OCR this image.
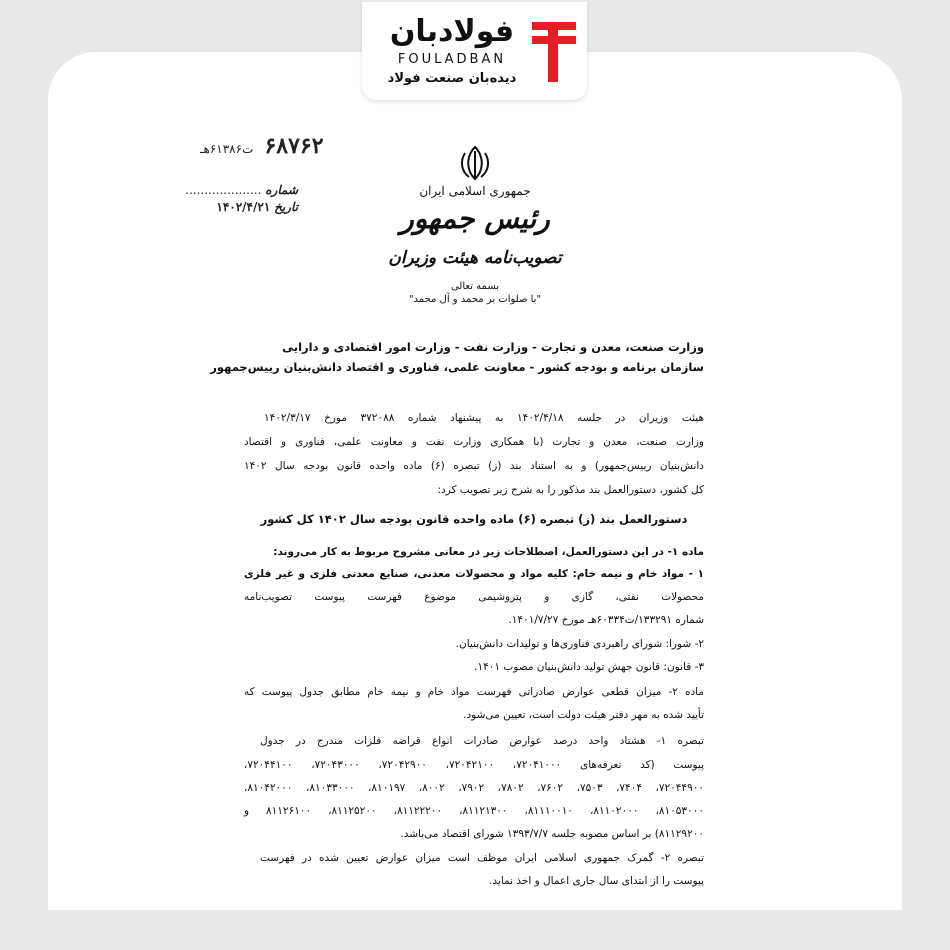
فولادبان
FOULADBAN
دیده‌بان صنعت فولاد
۶۸۷۶۲ ت۶۱۳۸۶هـ
شماره ....................
تاریخ ۱۴۰۲/۴/۲۱
جمهوری اسلامی ایران
رئیس جمهور
تصویب‌نامه هیئت وزیران
بسمه تعالی
"با صلوات بر محمد و آل محمد"
وزارت صنعت، معدن و تجارت - وزارت نفت - وزارت امور اقتصادی و دارایی
سازمان برنامه و بودجه کشور - معاونت علمی، فناوری و اقتصاد دانش‌بنیان رییس‌جمهور
هیئت وزیران در جلسه ۱۴۰۲/۴/۱۸ به پیشنهاد شماره ۳۷۲۰۸۸ مورخ ۱۴۰۲/۳/۱۷
وزارت صنعت، معدن و تجارت (با همکاری وزارت نفت و معاونت علمی، فناوری و اقتصاد
دانش‌بنیان رییس‌جمهور) و به استناد بند (ز) تبصره (۶) ماده واحده قانون بودجه سال ۱۴۰۲
کل کشور، دستورالعمل بند مذکور را به شرح زیر تصویب کرد:
دستورالعمل بند (ز) تبصره (۶) ماده واحده قانون بودجه سال ۱۴۰۲ کل کشور
ماده ۱- در این دستورالعمل، اصطلاحات زیر در معانی مشروح مربوط به کار می‌روند:
۱ - مواد خام و نیمه خام: کلیه مواد و محصولات معدنی، صنایع معدنی فلزی و غیر فلزی
محصولات نفتی، گازی و پتروشیمی موضوع فهرست پیوست تصویب‌نامه
شماره ۱۳۳۲۹۱/ت۶۰۳۳۴هـ مورخ ۱۴۰۱/۷/۲۷.
۲- شورا: شورای راهبردی فناوری‌ها و تولیدات دانش‌بنیان.
۳- قانون: قانون جهش تولید دانش‌بنیان مصوب ۱۴۰۱.
ماده ۲- میزان قطعی عوارض صادراتی فهرست مواد خام و نیمه خام مطابق جدول پیوست که
تأیید شده به مهر دفتر هیئت دولت است، تعیین می‌شود.
تبصره ۱- هشتاد واحد درصد عوارض صادرات انواع قراضه فلزات مندرج در جدول
پیوست (کد تعرفه‌های ۷۲۰۴۱۰۰۰، ۷۲۰۴۲۱۰۰، ۷۲۰۴۲۹۰۰، ۷۲۰۴۳۰۰۰، ۷۲۰۴۴۱۰۰،
۷۲۰۴۴۹۰۰، ۷۴۰۴، ۷۵۰۳، ۷۶۰۲، ۷۸۰۲، ۷۹۰۲، ۸۰۰۲، ۸۱۰۱۹۷، ۸۱۰۳۳۰۰۰، ۸۱۰۴۲۰۰۰،
۸۱۰۵۳۰۰۰، ۸۱۱۰۲۰۰۰، ۸۱۱۱۰۰۱۰، ۸۱۱۲۱۳۰۰، ۸۱۱۲۲۲۰۰، ۸۱۱۲۵۲۰۰، ۸۱۱۲۶۱۰۰ و
۸۱۱۲۹۲۰۰) بر اساس مصوبه جلسه ۱۳۹۳/۷/۷ شورای اقتصاد می‌باشد.
تبصره ۲- گمرک جمهوری اسلامی ایران موظف است میزان عوارض تعیین شده در فهرست
پیوست را از ابتدای سال جاری اعمال و اخذ نماید.
